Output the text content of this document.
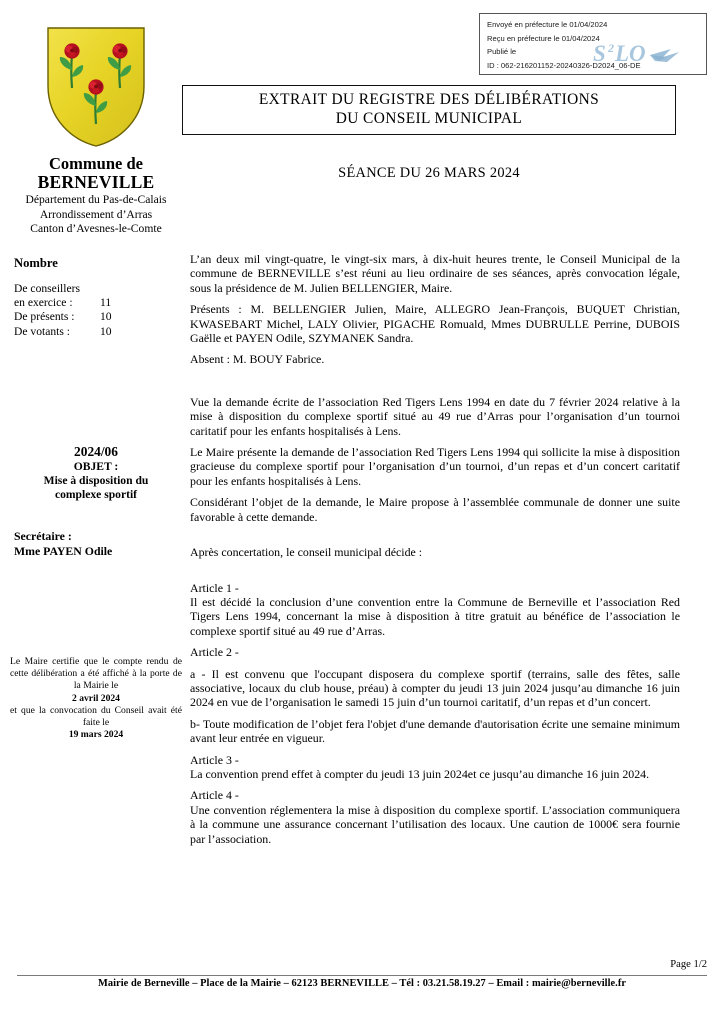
Envoyé en préfecture le 01/04/2024
Reçu en préfecture le 01/04/2024
Publié le
ID : 062-216201152-20240326-D2024_06-DE
S 2 LO
Commune de
BERNEVILLE
Département du Pas-de-Calais
Arrondissement d’Arras
Canton d’Avesnes-le-Comte
Nombre
De conseillers
en exercice : 11
De présents : 10
De votants :	10
2024/06
OBJET :
Mise à disposition du
complexe sportif
Secrétaire :
Mme PAYEN Odile

Le Maire certifie que le compte rendu de cette délibération a été affiché à la porte de la Mairie le

2 avril 2024

et que la convocation du Conseil avait été faite le

19 mars 2024

EXTRAIT DU REGISTRE DES DÉLIBÉRATIONS
DU CONSEIL MUNICIPAL
SÉANCE DU 26 MARS 2024

L’an deux mil vingt-quatre, le vingt-six mars, à dix-huit heures trente, le Conseil Municipal de la commune de BERNEVILLE s’est réuni au lieu ordinaire de ses séances, après convocation légale, sous la présidence de M. Julien BELLENGIER, Maire.

Présents : M. BELLENGIER Julien, Maire, ALLEGRO Jean-François, BUQUET Christian, KWASEBART Michel, LALY Olivier, PIGACHE Romuald, Mmes DUBRULLE Perrine, DUBOIS Gaëlle et PAYEN Odile, SZYMANEK Sandra.

Absent : M. BOUY Fabrice.

Vue la demande écrite de l’association Red Tigers Lens 1994 en date du 7 février 2024 relative à la mise à disposition du complexe sportif situé au 49 rue d’Arras pour l’organisation d’un tournoi caritatif pour les enfants hospitalisés à Lens.

Le Maire présente la demande de l’association Red Tigers Lens 1994 qui sollicite la mise à disposition gracieuse du complexe sportif pour l’organisation d’un tournoi, d’un repas et d’un concert caritatif pour les enfants hospitalisés à Lens.

Considérant l’objet de la demande, le Maire propose à l’assemblée communale de donner une suite favorable à cette demande.

Après concertation, le conseil municipal décide :

Article 1 -

Il est décidé la conclusion d’une convention entre la Commune de Berneville et l’association Red Tigers Lens 1994, concernant la mise à disposition à titre gratuit au bénéfice de l’association le complexe sportif situé au 49 rue d’Arras.

Article 2 -

a - Il est convenu que l'occupant disposera du complexe sportif (terrains, salle des fêtes, salle associative, locaux du club house, préau) à compter du jeudi 13 juin 2024 jusqu’au dimanche 16 juin 2024 en vue de l’organisation le samedi 15 juin d’un tournoi caritatif, d’un repas et d’un concert.

b- Toute modification de l’objet fera l'objet d'une demande d'autorisation écrite une semaine minimum avant leur entrée en vigueur.

Article 3 -

La convention prend effet à compter du jeudi 13 juin 2024et ce jusqu’au dimanche 16 juin 2024.

Article 4 -

Une convention réglementera la mise à disposition du complexe sportif. L’association communiquera à la commune une assurance concernant l’utilisation des locaux. Une caution de 1000€ sera fournie par l’association.

Page 1/2
Mairie de Berneville – Place de la Mairie – 62123 BERNEVILLE – Tél : 03.21.58.19.27 – Email : mairie@berneville.fr
